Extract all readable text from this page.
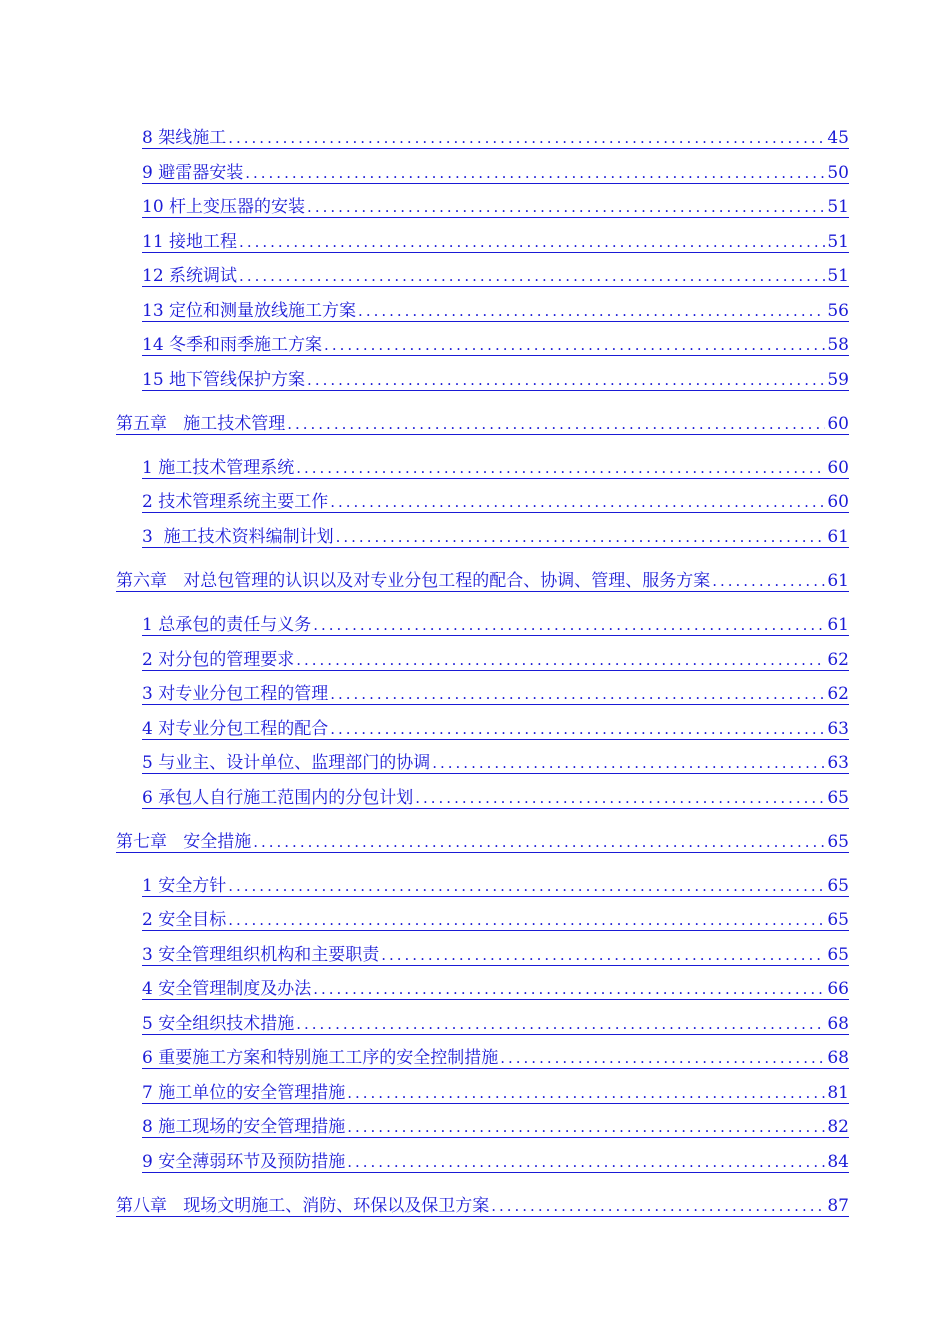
8 架线施工 .....	45
9 避雷器安装 .....	50
10 杆上变压器的安装 .....	51
11 接地工程 .....	51
12 系统调试 .....	51
13 定位和测量放线施工方案 .....	56
14 冬季和雨季施工方案 .....	58
15 地下管线保护方案 .....	59
第五章   施工技术管理 .....	60
1 施工技术管理系统 .....	60
2 技术管理系统主要工作 .....	60
3  施工技术资料编制计划 .....	61
第六章   对总包管理的认识以及对专业分包工程的配合、协调、管理、服务方案 .....	61
1 总承包的责任与义务 .....	61
2 对分包的管理要求 .....	62
3 对专业分包工程的管理 .....	62
4 对专业分包工程的配合 .....	63
5 与业主、设计单位、监理部门的协调 .....	63
6 承包人自行施工范围内的分包计划 .....	65
第七章   安全措施 .....	65
1 安全方针 .....	65
2 安全目标 .....	65
3 安全管理组织机构和主要职责 .....	65
4 安全管理制度及办法 .....	66
5 安全组织技术措施 .....	68
6 重要施工方案和特别施工工序的安全控制措施 .....	68
7 施工单位的安全管理措施 .....	81
8 施工现场的安全管理措施 .....	82
9 安全薄弱环节及预防措施 .....	84
第八章   现场文明施工、消防、环保以及保卫方案 .....	87
